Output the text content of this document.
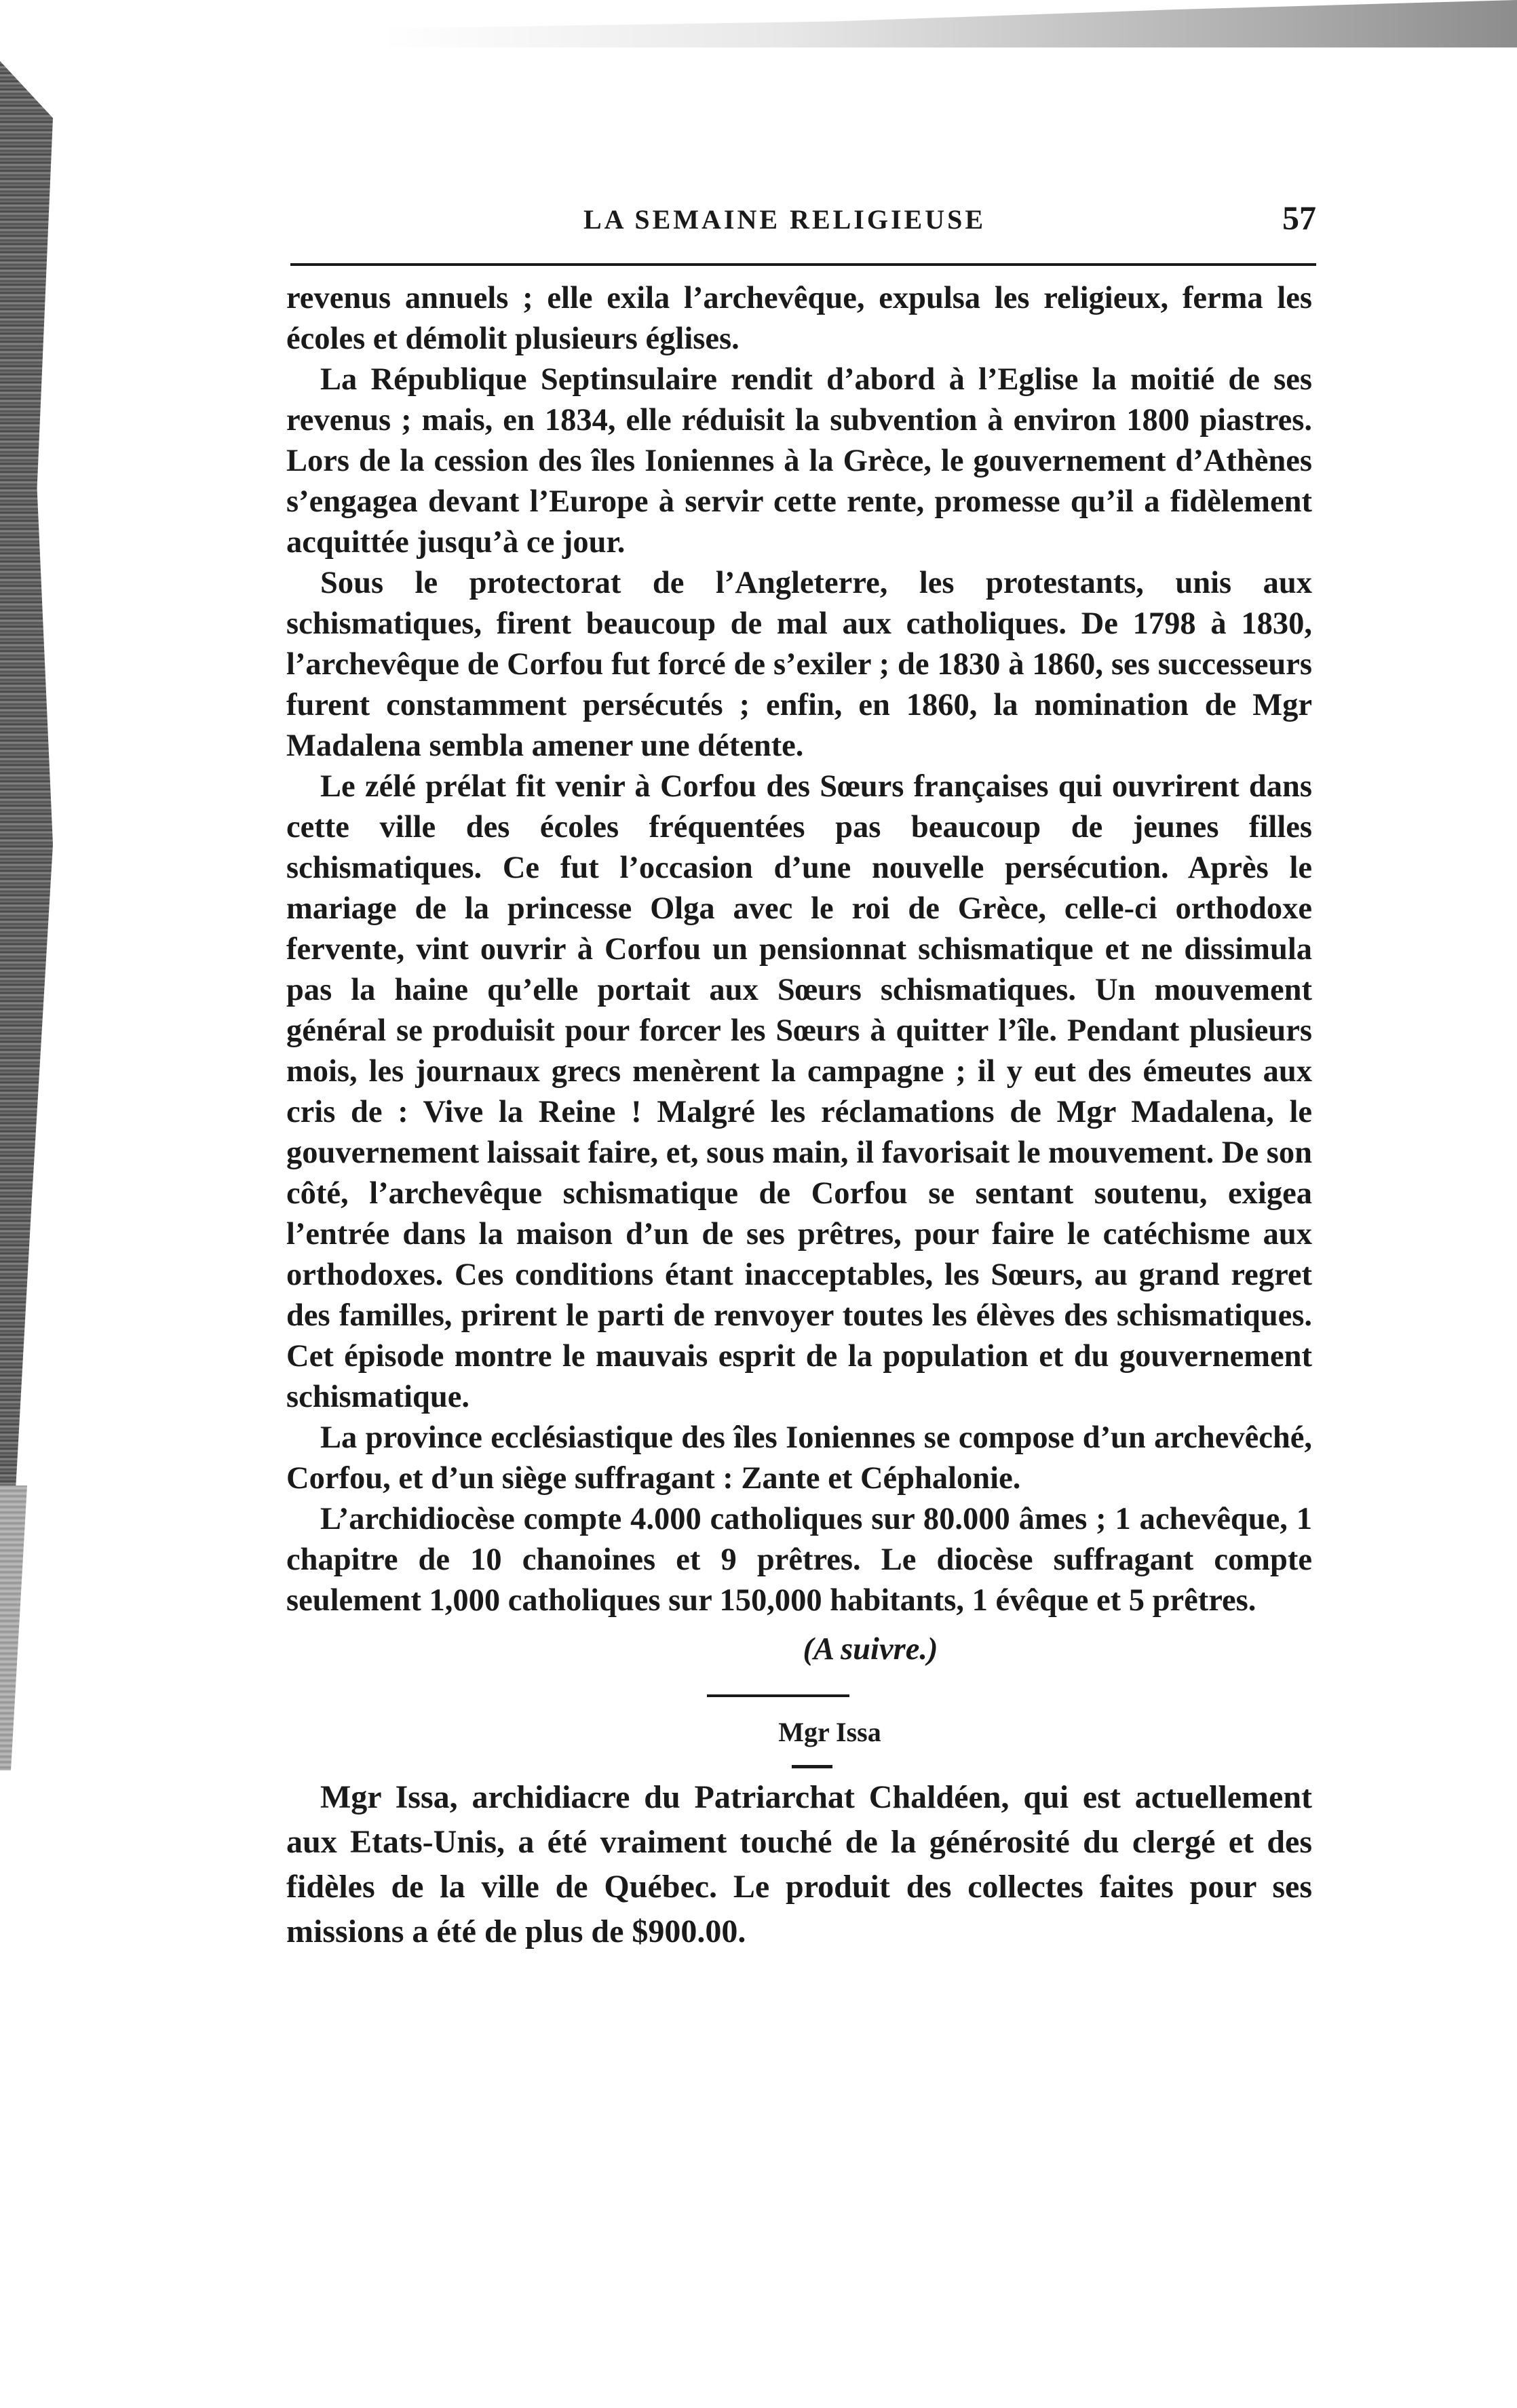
LA SEMAINE RELIGIEUSE	57

revenus annuels ; elle exila l’archevêque, expulsa les religieux, ferma les écoles et démolit plusieurs églises.

La République Septinsulaire rendit d’abord à l’Eglise la moitié de ses revenus ; mais, en 1834, elle réduisit la subvention à environ 1800 piastres. Lors de la cession des îles Ioniennes à la Grèce, le gouvernement d’Athènes s’engagea devant l’Europe à servir cette rente, promesse qu’il a fidèlement acquittée jusqu’à ce jour.

Sous le protectorat de l’Angleterre, les protestants, unis aux schismatiques, firent beaucoup de mal aux catholiques. De 1798 à 1830, l’archevêque de Corfou fut forcé de s’exiler ; de 1830 à 1860, ses successeurs furent constamment persécutés ; enfin, en 1860, la nomination de Mgr Madalena sembla amener une détente.

Le zélé prélat fit venir à Corfou des Sœurs françaises qui ouvrirent dans cette ville des écoles fréquentées pas beaucoup de jeunes filles schismatiques. Ce fut l’occasion d’une nouvelle persécution. Après le mariage de la princesse Olga avec le roi de Grèce, celle-ci orthodoxe fervente, vint ouvrir à Corfou un pensionnat schismatique et ne dissimula pas la haine qu’elle portait aux Sœurs schismatiques. Un mouvement général se produisit pour forcer les Sœurs à quitter l’île. Pendant plusieurs mois, les journaux grecs menèrent la campagne ; il y eut des émeutes aux cris de : Vive la Reine ! Malgré les réclamations de Mgr Madalena, le gouvernement laissait faire, et, sous main, il favorisait le mouvement. De son côté, l’archevêque schismatique de Corfou se sentant soutenu, exigea l’entrée dans la maison d’un de ses prêtres, pour faire le catéchisme aux orthodoxes. Ces conditions étant inacceptables, les Sœurs, au grand regret des familles, prirent le parti de renvoyer toutes les élèves des schismatiques. Cet épisode montre le mauvais esprit de la population et du gouvernement schismatique.

La province ecclésiastique des îles Ioniennes se compose d’un archevêché, Corfou, et d’un siège suffragant : Zante et Céphalonie.

L’archidiocèse compte 4.000 catholiques sur 80.000 âmes ; 1 achevêque, 1 chapitre de 10 chanoines et 9 prêtres. Le diocèse suffragant compte seulement 1,000 catholiques sur 150,000 habitants, 1 évêque et 5 prêtres.

(A suivre.)

Mgr Issa

Mgr Issa, archidiacre du Patriarchat Chaldéen, qui est actuellement aux Etats-Unis, a été vraiment touché de la générosité du clergé et des fidèles de la ville de Québec. Le produit des collectes faites pour ses missions a été de plus de $900.00.
